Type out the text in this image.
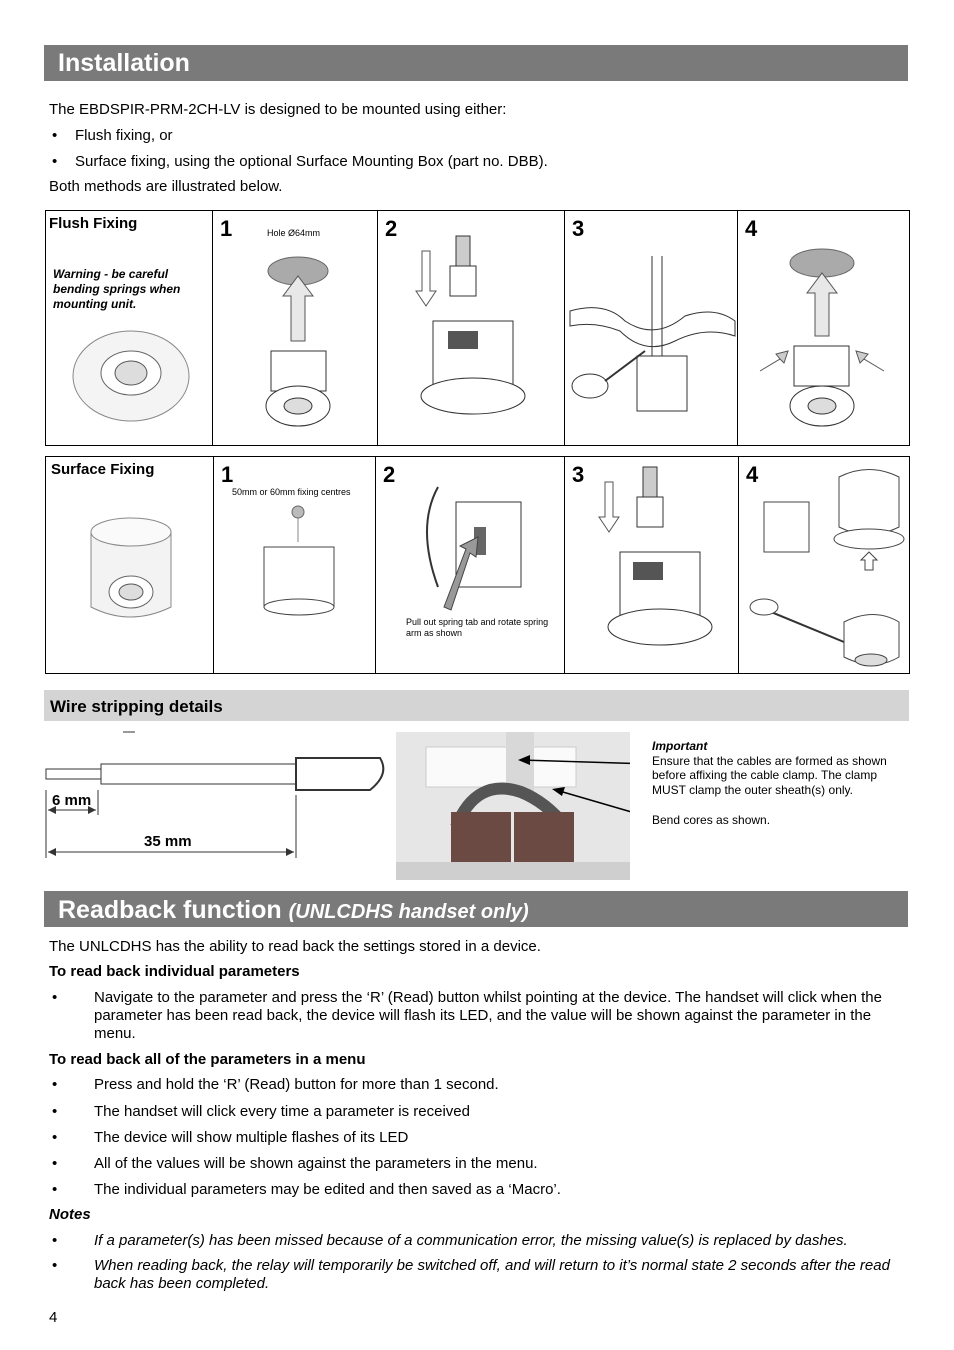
Installation
The EBDSPIR-PRM-2CH-LV is designed to be mounted using either:
• Flush fixing, or
• Surface fixing, using the optional Surface Mounting Box (part no. DBB).
Both methods are illustrated below.
Flush Fixing
Warning - be careful bending springs when mounting unit.

1	Hole Ø64mm	2	3	4
Surface Fixing	1
50mm or 60mm fixing centres

2
Pull out spring tab and rotate spring arm as shown

3	4
Wire stripping details
6 mm
35 mm
Important
Ensure that the cables are formed as shown before affixing the cable clamp. The clamp MUST clamp the outer sheath(s) only.
Bend cores as shown.
Readback function (UNLCDHS handset only)
The UNLCDHS has the ability to read back the settings stored in a device.
To read back individual parameters
• Navigate to the parameter and press the ‘R’ (Read) button whilst pointing at the device. The handset will click when the parameter has been read back, the device will flash its LED, and the value will be shown against the parameter in the menu.
To read back all of the parameters in a menu
• Press and hold the ‘R’ (Read) button for more than 1 second.
• The handset will click every time a parameter is received
• The device will show multiple flashes of its LED
• All of the values will be shown against the parameters in the menu.
• The individual parameters may be edited and then saved as a ‘Macro’.
Notes
• If a parameter(s) has been missed because of a communication error, the missing value(s) is replaced by dashes.
• When reading back, the relay will temporarily be switched off, and will return to it’s normal state 2 seconds after the read back has been completed.
4
